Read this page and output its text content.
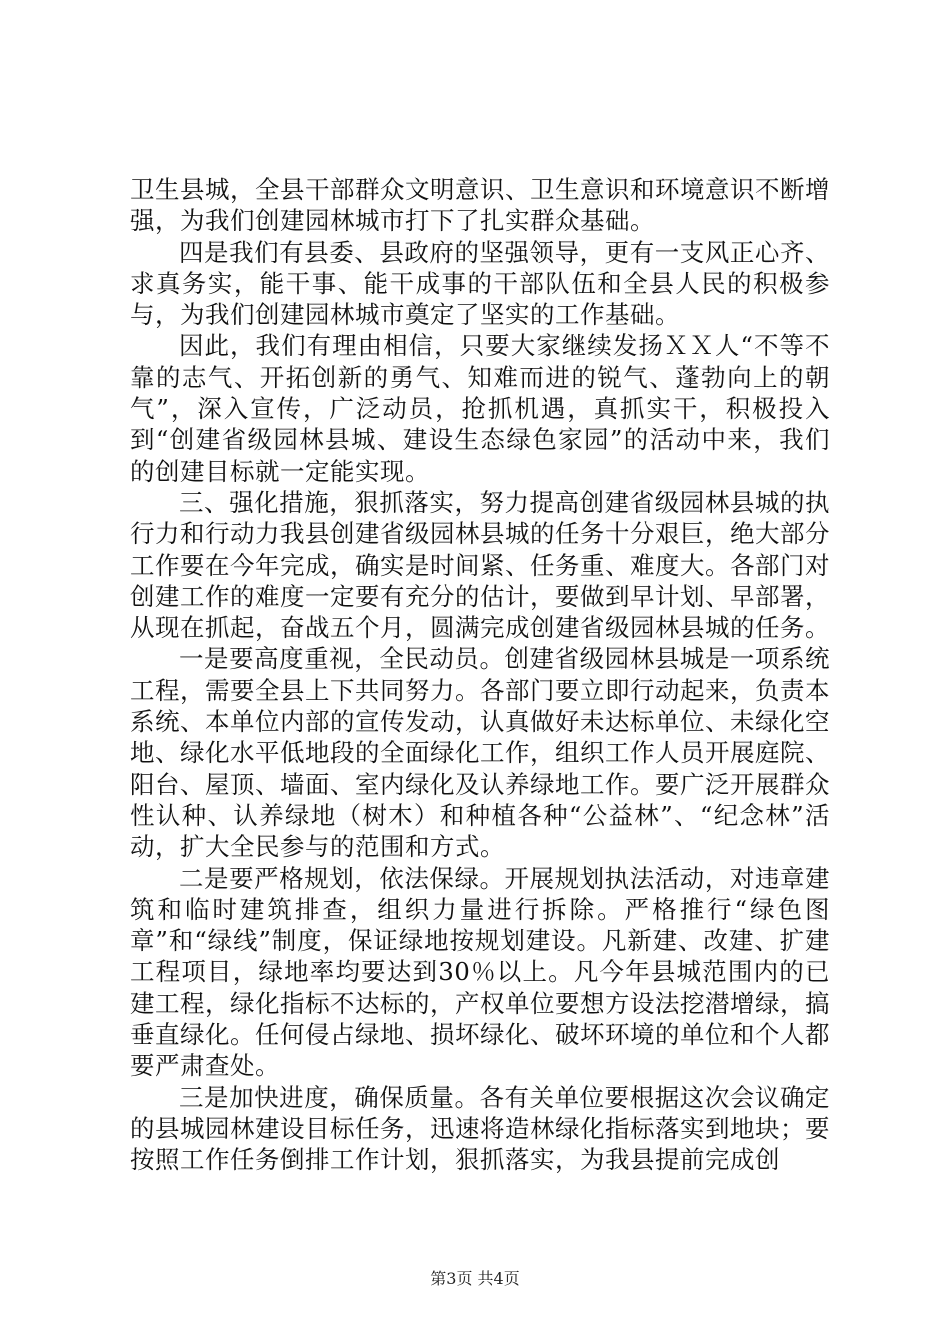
卫生县城，全县干部群众文明意识、卫生意识和环境意识不断增强，为我们创建园林城市打下了扎实群众基础。

四是我们有县委、县政府的坚强领导，更有一支风正心齐、求真务实，能干事、能干成事的干部队伍和全县人民的积极参与，为我们创建园林城市奠定了坚实的工作基础。

因此，我们有理由相信，只要大家继续发扬ＸＸ人“不等不靠的志气、开拓创新的勇气、知难而进的锐气、蓬勃向上的朝气”，深入宣传，广泛动员，抢抓机遇，真抓实干，积极投入到“创建省级园林县城、建设生态绿色家园”的活动中来，我们的创建目标就一定能实现。

三、强化措施，狠抓落实，努力提高创建省级园林县城的执行力和行动力我县创建省级园林县城的任务十分艰巨，绝大部分工作要在今年完成，确实是时间紧、任务重、难度大。各部门对创建工作的难度一定要有充分的估计，要做到早计划、早部署，从现在抓起，奋战五个月，圆满完成创建省级园林县城的任务。

一是要高度重视，全民动员。创建省级园林县城是一项系统工程，需要全县上下共同努力。各部门要立即行动起来，负责本系统、本单位内部的宣传发动，认真做好未达标单位、未绿化空地、绿化水平低地段的全面绿化工作，组织工作人员开展庭院、阳台、屋顶、墙面、室内绿化及认养绿地工作。要广泛开展群众性认种、认养绿地（树木）和种植各种“公益林”、“纪念林”活动，扩大全民参与的范围和方式。

二是要严格规划，依法保绿。开展规划执法活动，对违章建筑和临时建筑排查，组织力量进行拆除。严格推行“绿色图章”和“绿线”制度，保证绿地按规划建设。凡新建、改建、扩建工程项目，绿地率均要达到30％以上。凡今年县城范围内的已建工程，绿化指标不达标的，产权单位要想方设法挖潜增绿，搞垂直绿化。任何侵占绿地、损坏绿化、破坏环境的单位和个人都要严肃查处。

三是加快进度，确保质量。各有关单位要根据这次会议确定的县城园林建设目标任务，迅速将造林绿化指标落实到地块；要按照工作任务倒排工作计划，狠抓落实，为我县提前完成创

第3页 共4页
